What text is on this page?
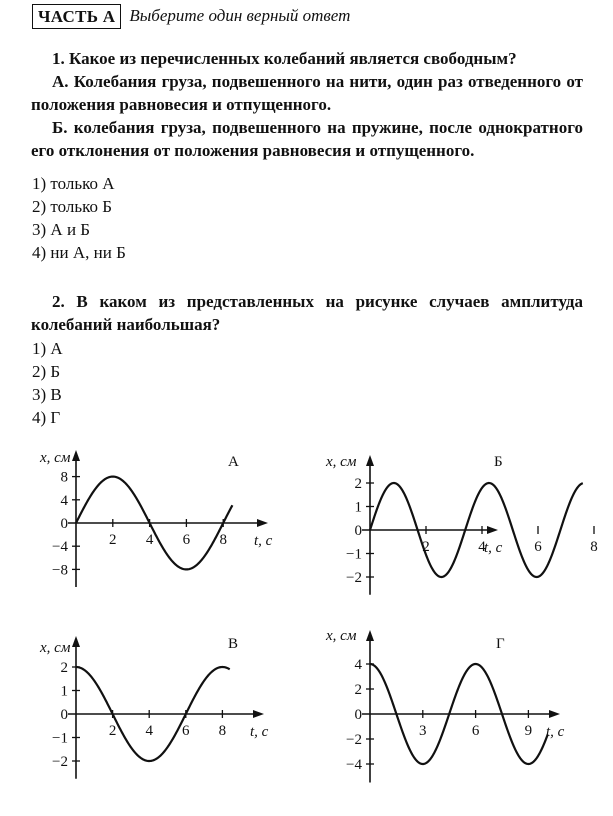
ЧАСТЬ А Выберите один верный ответ
1. Какое из перечисленных колебаний является свободным?
А. Колебания груза, подвешенного на нити, один раз отведенного от положения равновесия и отпущенного.
Б. колебания груза, подвешенного на пружине, после однократного его отклонения от положения равновесия и отпущенного.
1) только А
2) только Б
3) А и Б
4) ни А, ни Б
2. В каком из представленных на рисунке случаев амплитуда колебаний наибольшая?
1) А
2) Б
3) В
4) Г
8
4
0
−4
−8
2 4 6 8 t, с
x, см	А
2
1
0
−1
−2
2	4	6	8
t, с
x, см	Б
2
1
0
−1
−2
2 4 6 8 t, с
x, см	В
4
2
0
−2
−4
3	6	9 t, с
x, см	Г
